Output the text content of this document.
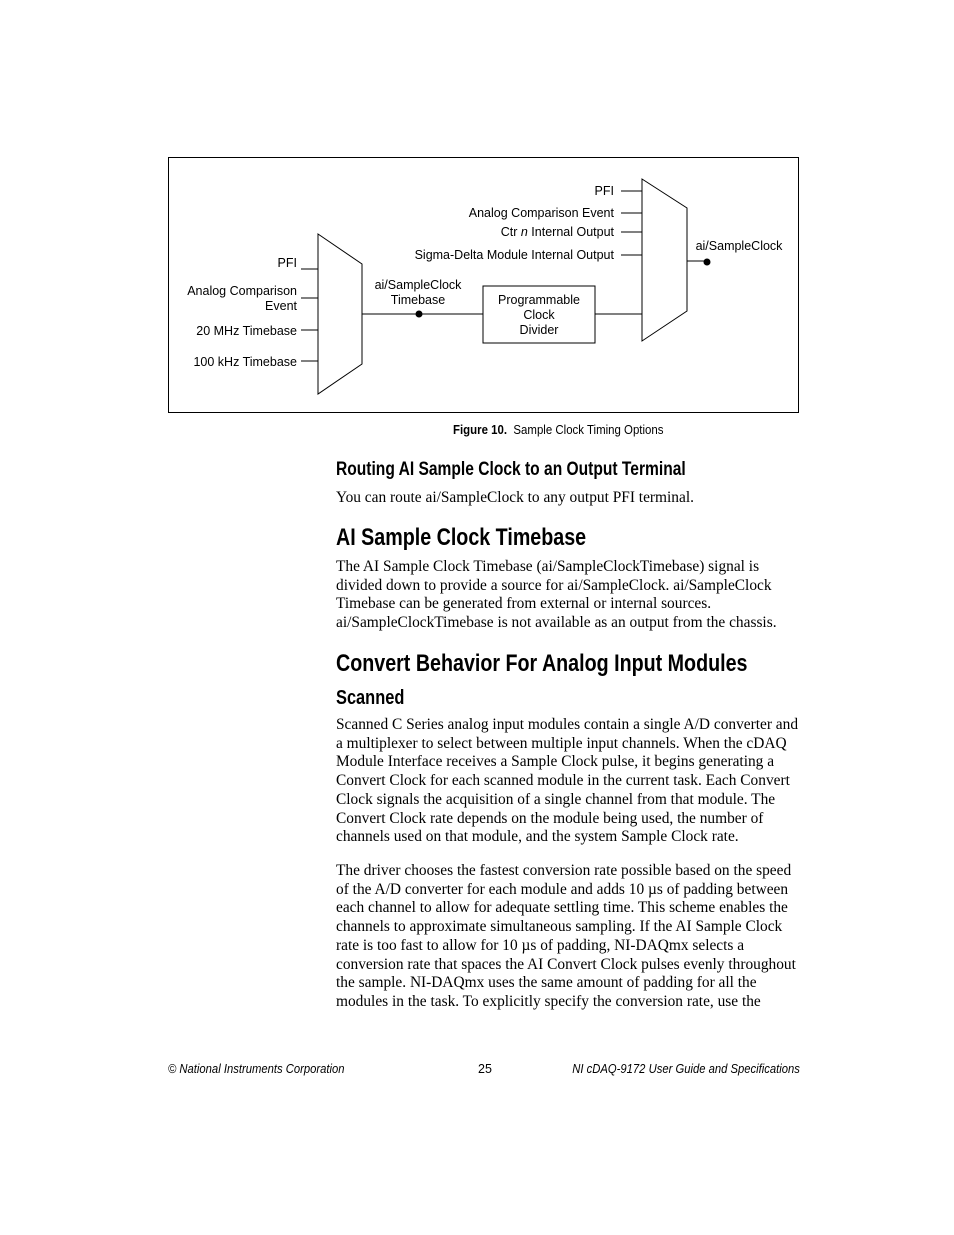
PFI
Analog Comparison
Event
20 MHz Timebase
100 kHz Timebase
ai/SampleClock
Timebase	Programmable
Clock
Divider
PFI
Analog Comparison Event
Ctr n Internal Output
Sigma-Delta Module Internal Output
ai/SampleClock
Figure 10. Sample Clock Timing Options
Routing AI Sample Clock to an Output Terminal
You can route ai/SampleClock to any output PFI terminal.
AI Sample Clock Timebase
The AI Sample Clock Timebase (ai/SampleClockTimebase) signal is divided down to provide a source for ai/SampleClock. ai/SampleClock Timebase can be generated from external or internal sources. ai/SampleClockTimebase is not available as an output from the chassis.
Convert Behavior For Analog Input Modules
Scanned
Scanned C Series analog input modules contain a single A/D converter and a multiplexer to select between multiple input channels. When the cDAQ Module Interface receives a Sample Clock pulse, it begins generating a Convert Clock for each scanned module in the current task. Each Convert Clock signals the acquisition of a single channel from that module. The Convert Clock rate depends on the module being used, the number of channels used on that module, and the system Sample Clock rate.
The driver chooses the fastest conversion rate possible based on the speed of the A/D converter for each module and adds 10 µs of padding between each channel to allow for adequate settling time. This scheme enables the channels to approximate simultaneous sampling. If the AI Sample Clock rate is too fast to allow for 10 µs of padding, NI-DAQmx selects a conversion rate that spaces the AI Convert Clock pulses evenly throughout the sample. NI-DAQmx uses the same amount of padding for all the modules in the task. To explicitly specify the conversion rate, use the
© National Instruments Corporation	25	NI cDAQ-9172 User Guide and Specifications
